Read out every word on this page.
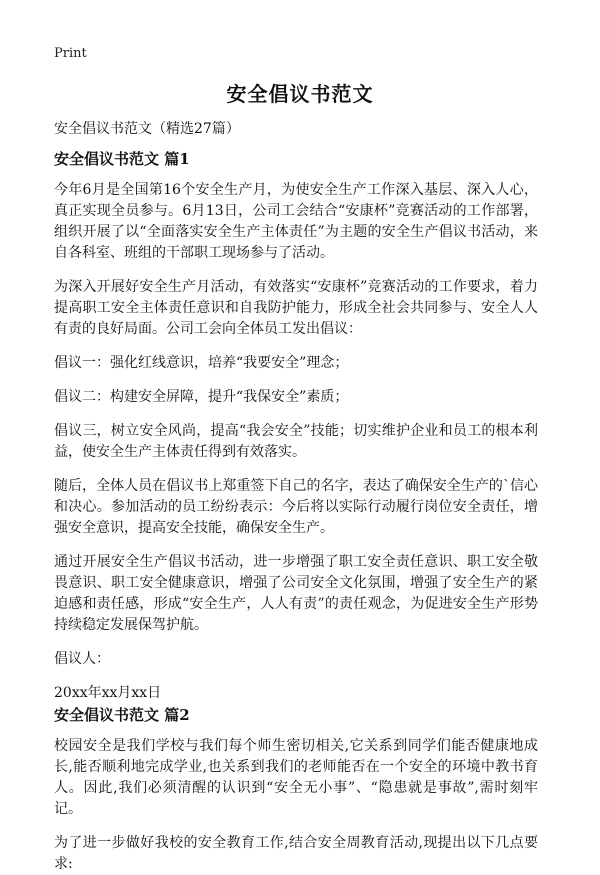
Print
安全倡议书范文
安全倡议书范文（精选27篇）
安全倡议书范文 篇1

今年6月是全国第16个安全生产月，为使安全生产工作深入基层、深入人心，真正实现全员参与。6月13日，公司工会结合“安康杯”竞赛活动的工作部署，组织开展了以“全面落实安全生产主体责任”为主题的安全生产倡议书活动，来自各科室、班组的干部职工现场参与了活动。

为深入开展好安全生产月活动，有效落实“安康杯”竞赛活动的工作要求，着力提高职工安全主体责任意识和自我防护能力，形成全社会共同参与、安全人人有责的良好局面。公司工会向全体员工发出倡议：

倡议一：强化红线意识，培养“我要安全”理念；

倡议二：构建安全屏障，提升“我保安全”素质；

倡议三，树立安全风尚，提高“我会安全”技能；切实维护企业和员工的根本利益，使安全生产主体责任得到有效落实。

随后，全体人员在倡议书上郑重签下自己的名字，表达了确保安全生产的`信心和决心。参加活动的员工纷纷表示：今后将以实际行动履行岗位安全责任，增强安全意识，提高安全技能，确保安全生产。

通过开展安全生产倡议书活动，进一步增强了职工安全责任意识、职工安全敬畏意识、职工安全健康意识，增强了公司安全文化氛围，增强了安全生产的紧迫感和责任感，形成“安全生产，人人有责”的责任观念，为促进安全生产形势持续稳定发展保驾护航。

倡议人：

20xx年xx月xx日

安全倡议书范文 篇2

校园安全是我们学校与我们每个师生密切相关,它关系到同学们能否健康地成长,能否顺利地完成学业,也关系到我们的老师能否在一个安全的环境中教书育人。因此,我们必须清醒的认识到“安全无小事”、“隐患就是事故”,需时刻牢记。

为了进一步做好我校的安全教育工作,结合安全周教育活动,现提出以下几点要求:
